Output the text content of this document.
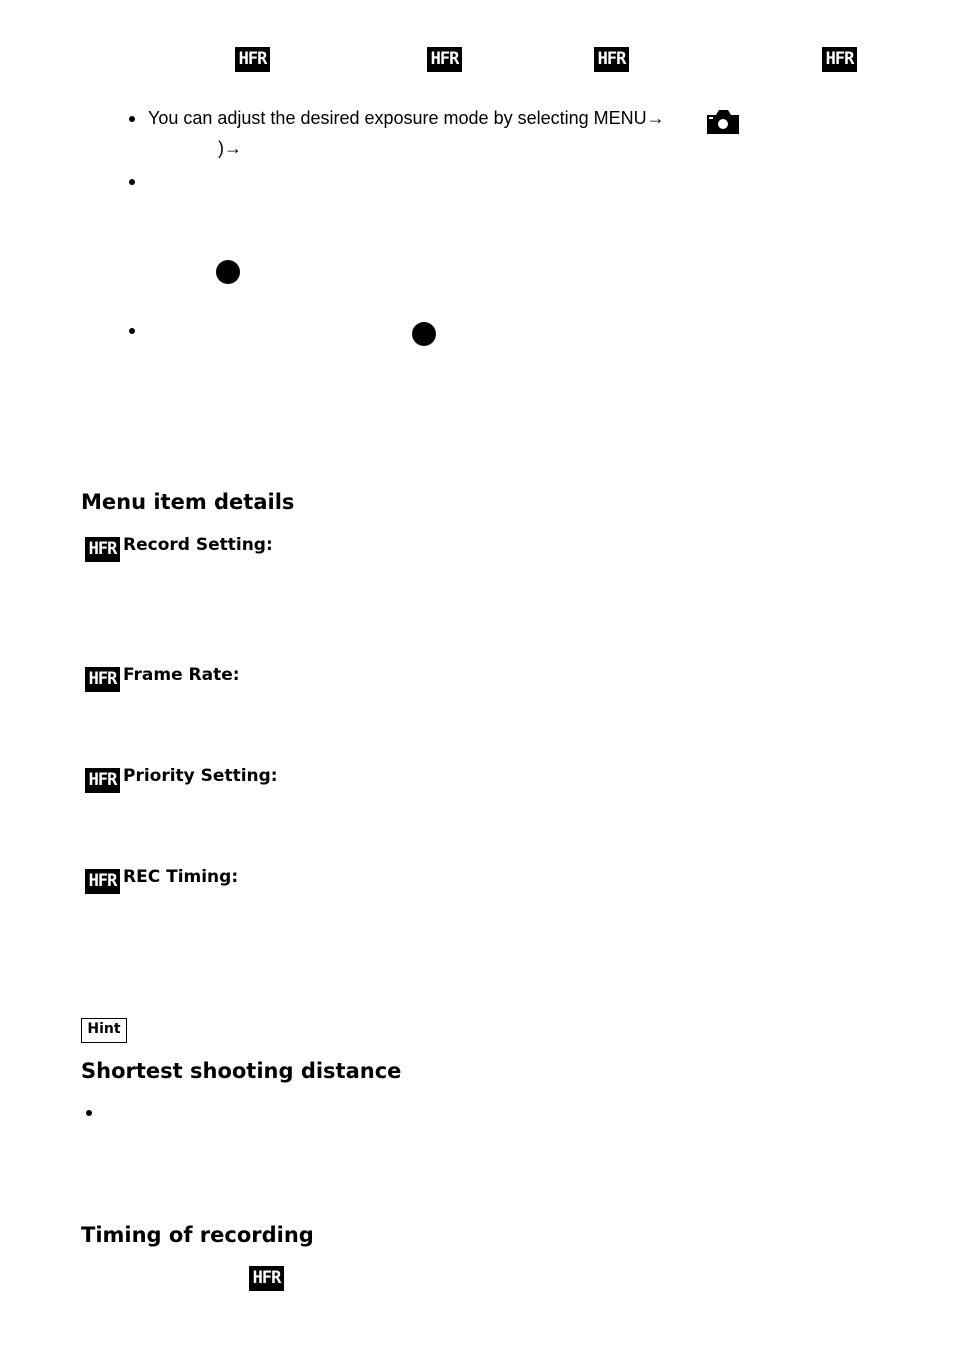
HFR	HFR	HFR	HFR
You can adjust the desired exposure mode by selecting MENU→
)→
Menu item details
HFR Record Setting:
HFR Frame Rate:
HFR Priority Setting:
HFR REC Timing:
Hint
Shortest shooting distance
Timing of recording
HFR
